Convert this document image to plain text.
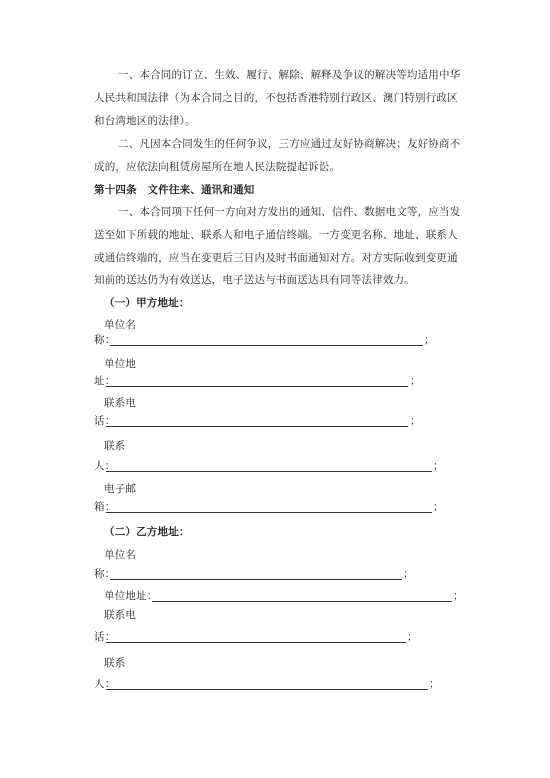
一、本合同的订立、生效、履行、解除、解释及争议的解决等均适用中华
人民共和国法律（为本合同之目的，不包括香港特别行政区、澳门特别行政区
和台湾地区的法律）。
二、凡因本合同发生的任何争议，三方应通过友好协商解决；友好协商不
成的，应依法向租赁房屋所在地人民法院提起诉讼。
第十四条　文件往来、通讯和通知
一、本合同项下任何一方向对方发出的通知、信件、数据电文等，应当发
送至如下所载的地址、联系人和电子通信终端。一方变更名称、地址、联系人
或通信终端的，应当在变更后三日内及时书面通知对方。对方实际收到变更通
知前的送达仍为有效送达，电子送达与书面送达具有同等法律效力。
（一）甲方地址：
单位名
称：	；
单位地
址：	；
联系电
话：	；
联系
人：	；
电子邮
箱：	；
（二）乙方地址：
单位名
称：	；
单位地址：	；
联系电
话：	；
联系
人：	；
